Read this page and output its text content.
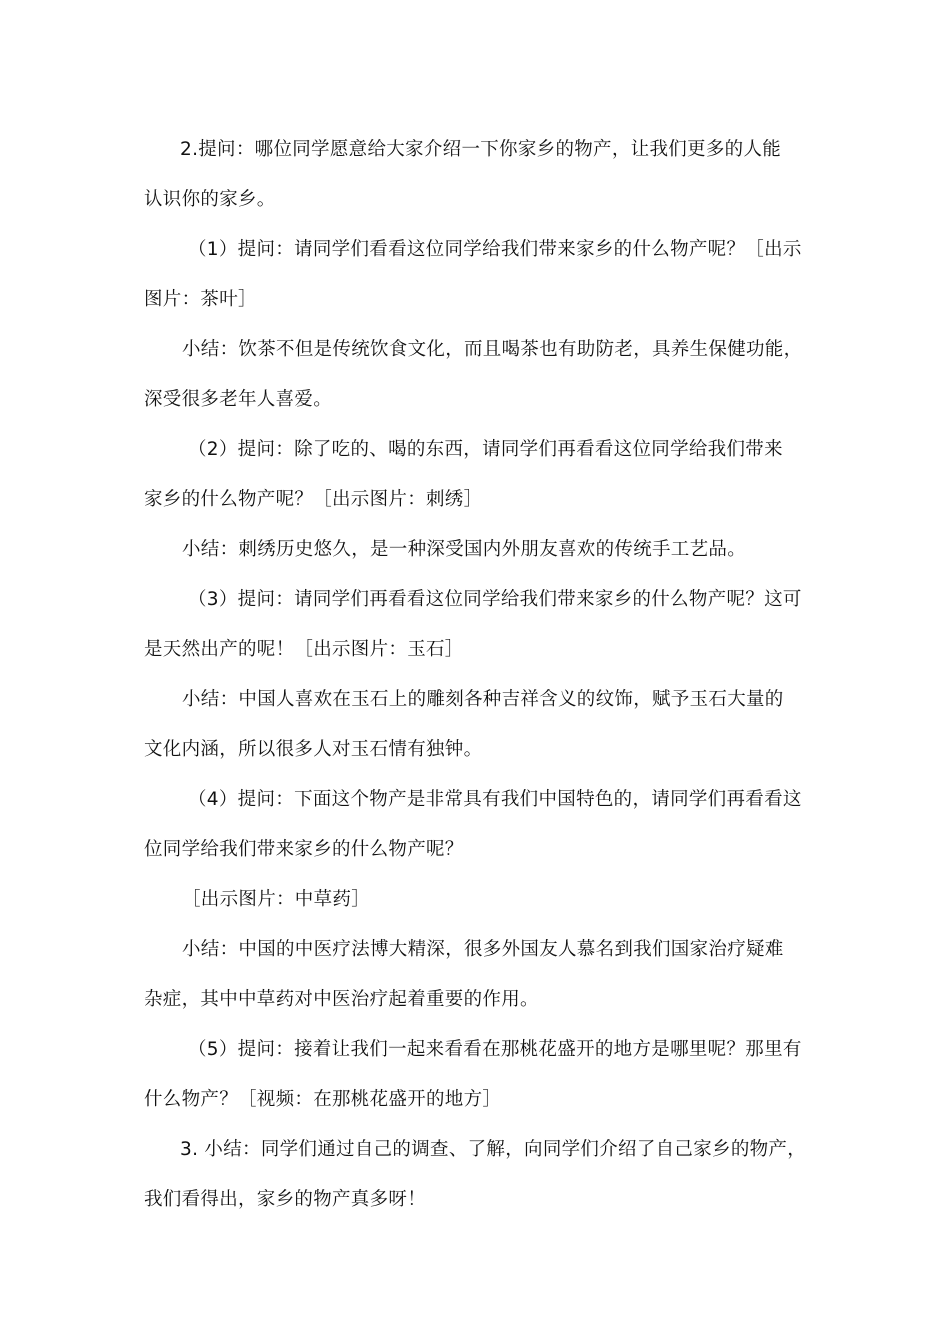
2.提问：哪位同学愿意给大家介绍一下你家乡的物产，让我们更多的人能
认识你的家乡。
（1）提问：请同学们看看这位同学给我们带来家乡的什么物产呢？［出示
图片：茶叶］
小结：饮茶不但是传统饮食文化，而且喝茶也有助防老，具养生保健功能，
深受很多老年人喜爱。
（2）提问：除了吃的、喝的东西，请同学们再看看这位同学给我们带来
家乡的什么物产呢？［出示图片：刺绣］
小结：刺绣历史悠久，是一种深受国内外朋友喜欢的传统手工艺品。
（3）提问：请同学们再看看这位同学给我们带来家乡的什么物产呢？这可
是天然出产的呢！［出示图片：玉石］
小结：中国人喜欢在玉石上的雕刻各种吉祥含义的纹饰，赋予玉石大量的
文化内涵，所以很多人对玉石情有独钟。
（4）提问：下面这个物产是非常具有我们中国特色的，请同学们再看看这
位同学给我们带来家乡的什么物产呢？
［出示图片：中草药］
小结：中国的中医疗法博大精深，很多外国友人慕名到我们国家治疗疑难
杂症，其中中草药对中医治疗起着重要的作用。
（5）提问：接着让我们一起来看看在那桃花盛开的地方是哪里呢？那里有
什么物产？［视频：在那桃花盛开的地方］
3. 小结：同学们通过自己的调查、了解，向同学们介绍了自己家乡的物产，
我们看得出，家乡的物产真多呀！
